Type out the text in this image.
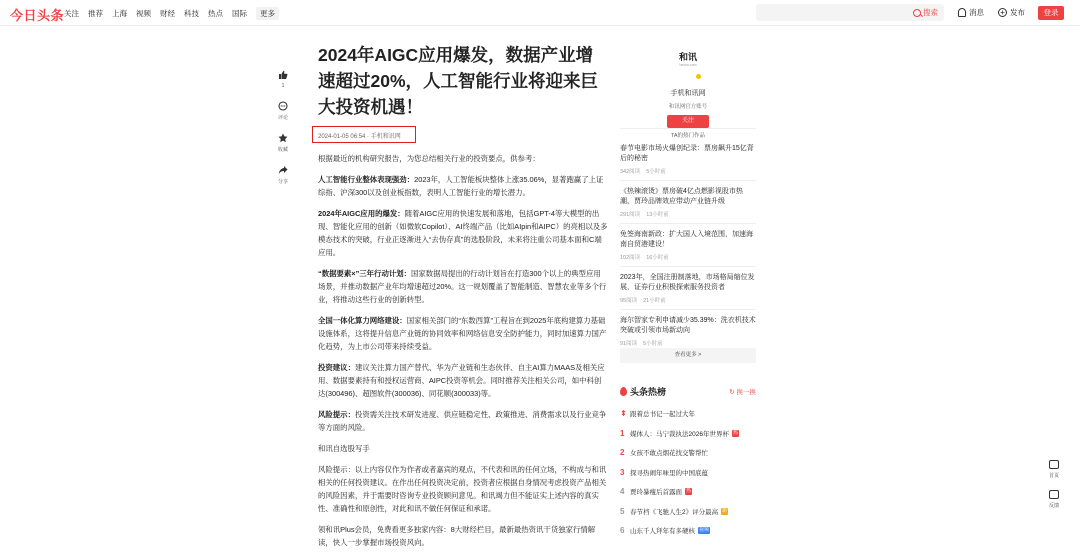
今日头条 关注 推荐 上海 视频 财经 科技 热点 国际	更多	搜索	消息 + 发布	登录
1
评论
收藏
分享
2024年AIGC应用爆发，数据产业增速超过20%，人工智能行业将迎来巨大投资机遇！
2024-01-05 06:54 · 手机和讯网

根据最近的机构研究报告，为您总结相关行业的投资要点，供参考：

人工智能行业整体表现强劲：2023年，人工智能板块整体上涨35.06%，显著跑赢了上证综指、沪深300以及创业板指数，表明人工智能行业的增长潜力。

2024年AIGC应用的爆发：随着AIGC应用的快速发展和落地，包括GPT-4等大模型的出现、智能化应用的创新（如微软Copilot）、AI终端产品（比如AIpin和AIPC）的亮相以及多模态技术的突破，行业正逐渐进入“去伪存真”的选股阶段，未来将注重公司基本面和C端应用。

“数据要素×”三年行动计划：国家数据局提出的行动计划旨在打造300个以上的典型应用场景，并推动数据产业年均增速超过20%。这一规划覆盖了智能制造、智慧农业等多个行业，将推动这些行业的创新转型。

全国一体化算力网络建设：国家相关部门的“东数西算”工程旨在到2025年底构建算力基础设施体系，这将提升信息产业链的协同效率和网络信息安全防护能力，同时加速算力国产化趋势，为上市公司带来持续受益。

投资建议：建议关注算力国产替代、华为产业链和生态伙伴、自主AI算力MAAS及相关应用、数据要素持有和授权运营商、AIPC投资等机会。同时推荐关注相关公司，如中科创达(300496)、超图软件(300036)、同花顺(300033)等。

风险提示：投资需关注技术研发进度、供应链稳定性、政策推进、消费需求以及行业竞争等方面的风险。

和讯自选股写手

风险提示：以上内容仅作为作者或者嘉宾的观点，不代表和讯的任何立场，不构成与和讯相关的任何投资建议。在作出任何投资决定前，投资者应根据自身情况考虑投资产品相关的风险因素，并于需要时咨询专业投资顾问意见。和讯竭力但不能证实上述内容的真实性、准确性和原创性，对此和讯不做任何保证和承诺。

领和讯Plus会员，免费看更多独家内容：8大财经栏目，最新最热资讯干货独家行情解读，快人一步掌握市场投资风向。

和讯
hexun.com
手机和讯网
和讯网官方账号
关注
TA的热门作品
春节电影市场火爆创纪录：票房飙升15亿背后的秘密
342阅读 5小时前
《热辣滚烫》票房破4亿点燃影视股市热潮，贾玲品牌效应带动产业链升级
291阅读 13小时前
免签海南新政：扩大国人入境范围，加速海南自贸港建设！
102阅读 16小时前
2023年，全国注册制落地，市场格局缩位发展，证券行业积极探索服务投资者
95阅读 21小时前
海尔智家专利申请减少35.39%：洗衣机技术突破或引领市场新动向
91阅读 5小时前
查看更多 >
头条热榜	↻ 换一换
⇞ 跟着总书记一起过大年
1 媒体人：马宁裁执法2026年世界杯 热
2 女孩不敢点烟花找交警帮忙
3 探寻热闹年味里的中国底蕴
4 贾玲暴瘦后首露面 热
5 春节档《飞驰人生2》评分最高 新
6 山东千人拜年有多硬核 视频
首页
反馈
